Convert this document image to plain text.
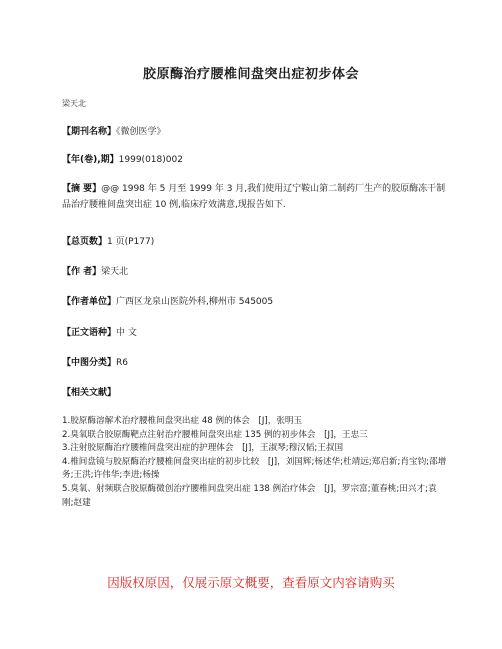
胶原酶治疗腰椎间盘突出症初步体会
梁天北
【期刊名称】《微创医学》
【年(卷),期】1999(018)002
【摘 要】@@ 1998 年 5 月至 1999 年 3 月,我们使用辽宁鞍山第二制药厂生产的胶原酶冻干制品治疗腰椎间盘突出症 10 例,临床疗效满意,现报告如下.
【总页数】1 页(P177)
【作 者】梁天北
【作者单位】广西区龙泉山医院外科,柳州市 545005
【正文语种】中 文
【中图分类】R6
【相关文献】

1.胶原酶溶解术治疗腰椎间盘突出症 48 例的体会　[J]，张明玉

2.臭氧联合胶原酶靶点注射治疗腰椎间盘突出症 135 例的初步体会　[J]，王忠三

3.注射胶原酶治疗腰椎间盘突出症的护理体会　[J]，王淑琴;穆汉韬;王叔国

4.椎间盘镜与胶原酶治疗腰椎间盘突出症的初步比较　[J]，刘国辉;杨述华;杜靖远;郑启新;肖宝钧;邵增务;王洪;许伟华;李进;杨操

5.臭氧、射频联合胶原酶微创治疗腰椎间盘突出症 138 例治疗体会　[J]，罗宗富;董春桃;田兴才;袁刚;赵建

因版权原因，仅展示原文概要，查看原文内容请购买
